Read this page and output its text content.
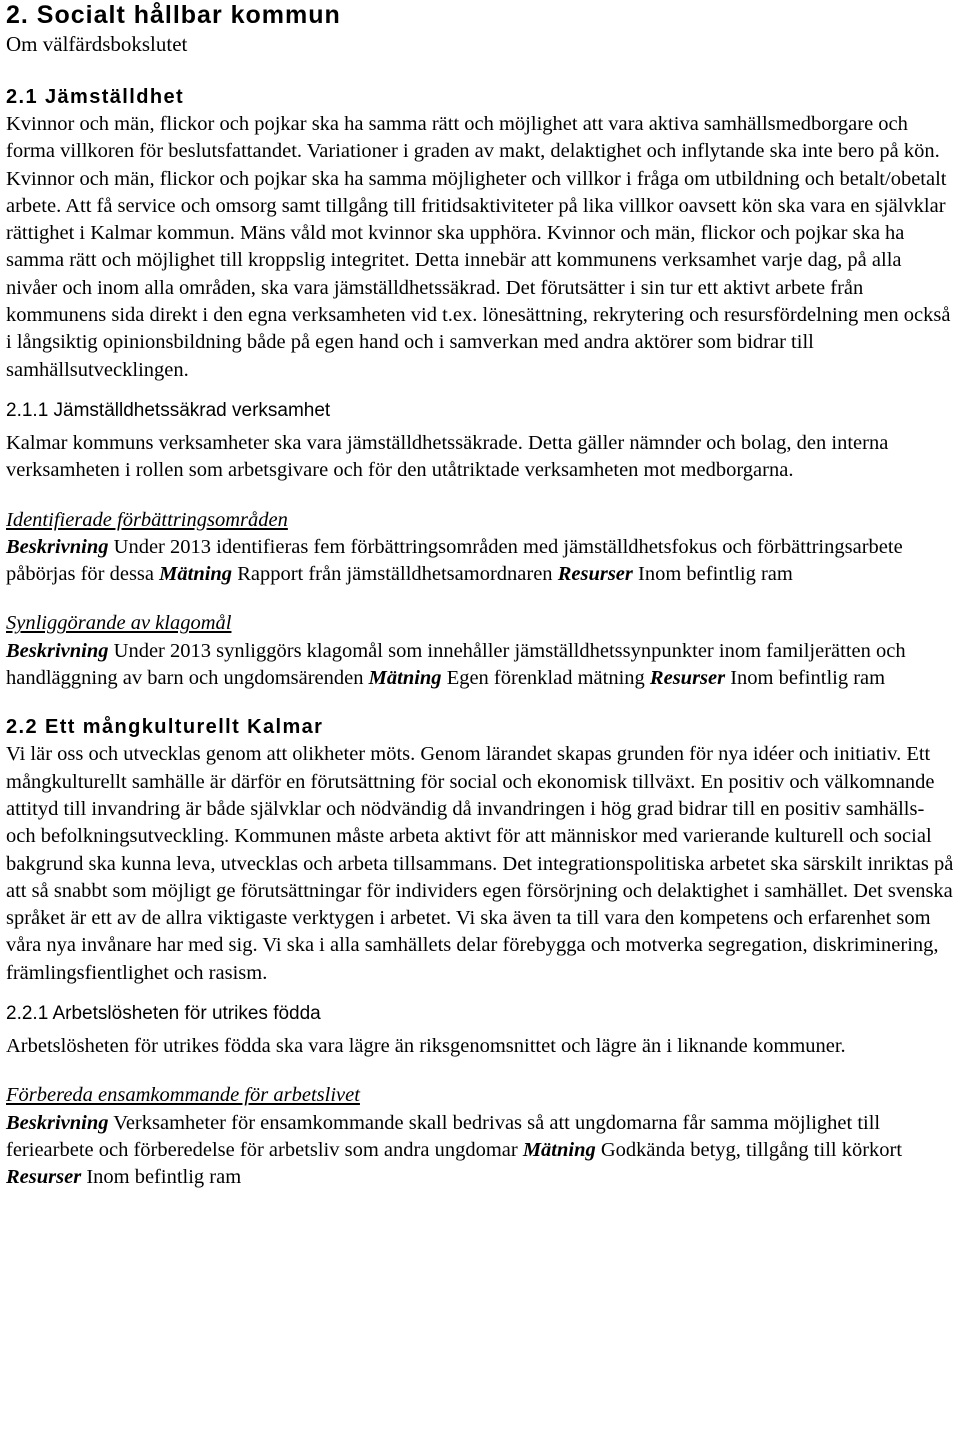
2. Socialt hållbar kommun
Om välfärdsbokslutet
2.1 Jämställdhet

Kvinnor och män, flickor och pojkar ska ha samma rätt och möjlighet att vara aktiva samhällsmedborgare och forma villkoren för beslutsfattandet. Variationer i graden av makt, delaktighet och inflytande ska inte bero på kön. Kvinnor och män, flickor och pojkar ska ha samma möjligheter och villkor i fråga om utbildning och betalt/obetalt arbete. Att få service och omsorg samt tillgång till fritidsaktiviteter på lika villkor oavsett kön ska vara en självklar rättighet i Kalmar kommun. Mäns våld mot kvinnor ska upphöra. Kvinnor och män, flickor och pojkar ska ha samma rätt och möjlighet till kroppslig integritet. Detta innebär att kommunens verksamhet varje dag, på alla nivåer och inom alla områden, ska vara jämställdhetssäkrad. Det förutsätter i sin tur ett aktivt arbete från kommunens sida direkt i den egna verksamheten vid t.ex. lönesättning, rekrytering och resursfördelning men också i långsiktig opinionsbildning både på egen hand och i samverkan med andra aktörer som bidrar till samhällsutvecklingen.

2.1.1 Jämställdhetssäkrad verksamhet

Kalmar kommuns verksamheter ska vara jämställdhetssäkrade. Detta gäller nämnder och bolag, den interna verksamheten i rollen som arbetsgivare och för den utåtriktade verksamheten mot medborgarna.

Identifierade förbättringsområden

Beskrivning Under 2013 identifieras fem förbättringsområden med jämställdhetsfokus och förbättringsarbete påbörjas för dessa Mätning Rapport från jämställdhetsamordnaren Resurser Inom befintlig ram

Synliggörande av klagomål

Beskrivning Under 2013 synliggörs klagomål som innehåller jämställdhetssynpunkter inom familjerätten och handläggning av barn och ungdomsärenden Mätning Egen förenklad mätning Resurser Inom befintlig ram

2.2 Ett mångkulturellt Kalmar

Vi lär oss och utvecklas genom att olikheter möts. Genom lärandet skapas grunden för nya idéer och initiativ. Ett mångkulturellt samhälle är därför en förutsättning för social och ekonomisk tillväxt. En positiv och välkomnande attityd till invandring är både självklar och nödvändig då invandringen i hög grad bidrar till en positiv samhälls- och befolkningsutveckling. Kommunen måste arbeta aktivt för att människor med varierande kulturell och social bakgrund ska kunna leva, utvecklas och arbeta tillsammans. Det integrationspolitiska arbetet ska särskilt inriktas på att så snabbt som möjligt ge förutsättningar för individers egen försörjning och delaktighet i samhället. Det svenska språket är ett av de allra viktigaste verktygen i arbetet. Vi ska även ta till vara den kompetens och erfarenhet som våra nya invånare har med sig. Vi ska i alla samhällets delar förebygga och motverka segregation, diskriminering, främlingsfientlighet och rasism.

2.2.1 Arbetslösheten för utrikes födda

Arbetslösheten för utrikes födda ska vara lägre än riksgenomsnittet och lägre än i liknande kommuner.

Förbereda ensamkommande för arbetslivet

Beskrivning Verksamheter för ensamkommande skall bedrivas så att ungdomarna får samma möjlighet till feriearbete och förberedelse för arbetsliv som andra ungdomar Mätning Godkända betyg, tillgång till körkort Resurser Inom befintlig ram
